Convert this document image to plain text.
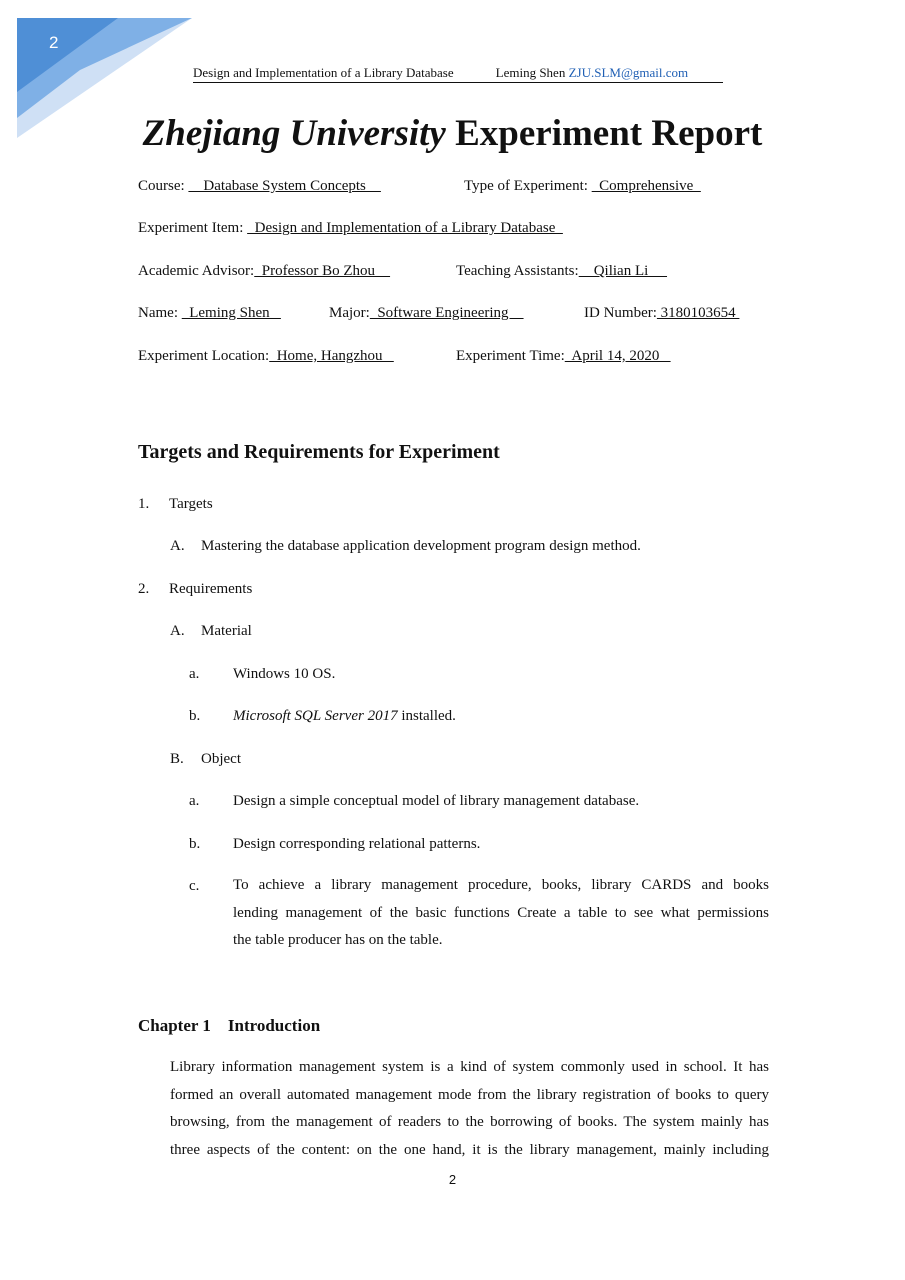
2
Design and Implementation of a Library Database	Leming Shen ZJU.SLM@gmail.com
Zhejiang University Experiment Report
Course:     Database System Concepts	Type of Experiment:   Comprehensive
Experiment Item:   Design and Implementation of a Library Database
Academic Advisor:  Professor Bo Zhou	Teaching Assistants:    Qilian Li
Name:   Leming Shen	Major:  Software Engineering	ID Number: 3180103654
Experiment Location:  Home, Hangzhou	Experiment Time:  April 14, 2020
Targets and Requirements for Experiment
1. Targets
A. Mastering the database application development program design method.
2. Requirements
A. Material
a. Windows 10 OS.
b. Microsoft SQL Server 2017 installed.
B. Object
a. Design a simple conceptual model of library management database.
b. Design corresponding relational patterns.
c. To achieve a library management procedure, books, library CARDS and books
lending management of the basic functions Create a table to see what permissions
the table producer has on the table.
Chapter 1    Introduction
Library information management system is a kind of system commonly used in school. It has
formed an overall automated management mode from the library registration of books to query
browsing, from the management of readers to the borrowing of books. The system mainly has
three aspects of the content: on the one hand, it is the library management, mainly including
2
